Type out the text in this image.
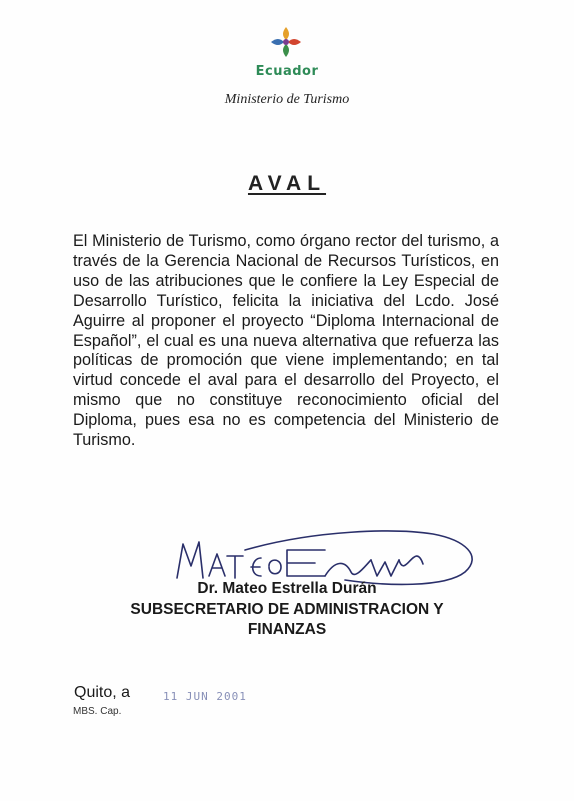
Ecuador
Ministerio de Turismo
AVAL
El Ministerio de Turismo, como órgano rector del turismo, a través de la Gerencia Nacional de Recursos Turísticos, en uso de las atribuciones que le confiere la Ley Especial de Desarrollo Turístico, felicita la iniciativa del Lcdo. José Aguirre al proponer el proyecto “Diploma Internacional de Español”, el cual es una nueva alternativa que refuerza las políticas de promoción que viene implementando; en tal virtud concede el aval para el desarrollo del Proyecto, el mismo que no constituye reconocimiento oficial del Diploma, pues esa no es competencia del Ministerio de Turismo.
Dr. Mateo Estrella Durán
SUBSECRETARIO DE ADMINISTRACION Y FINANZAS
Quito, a	11 JUN 2001
MBS. Cap.
